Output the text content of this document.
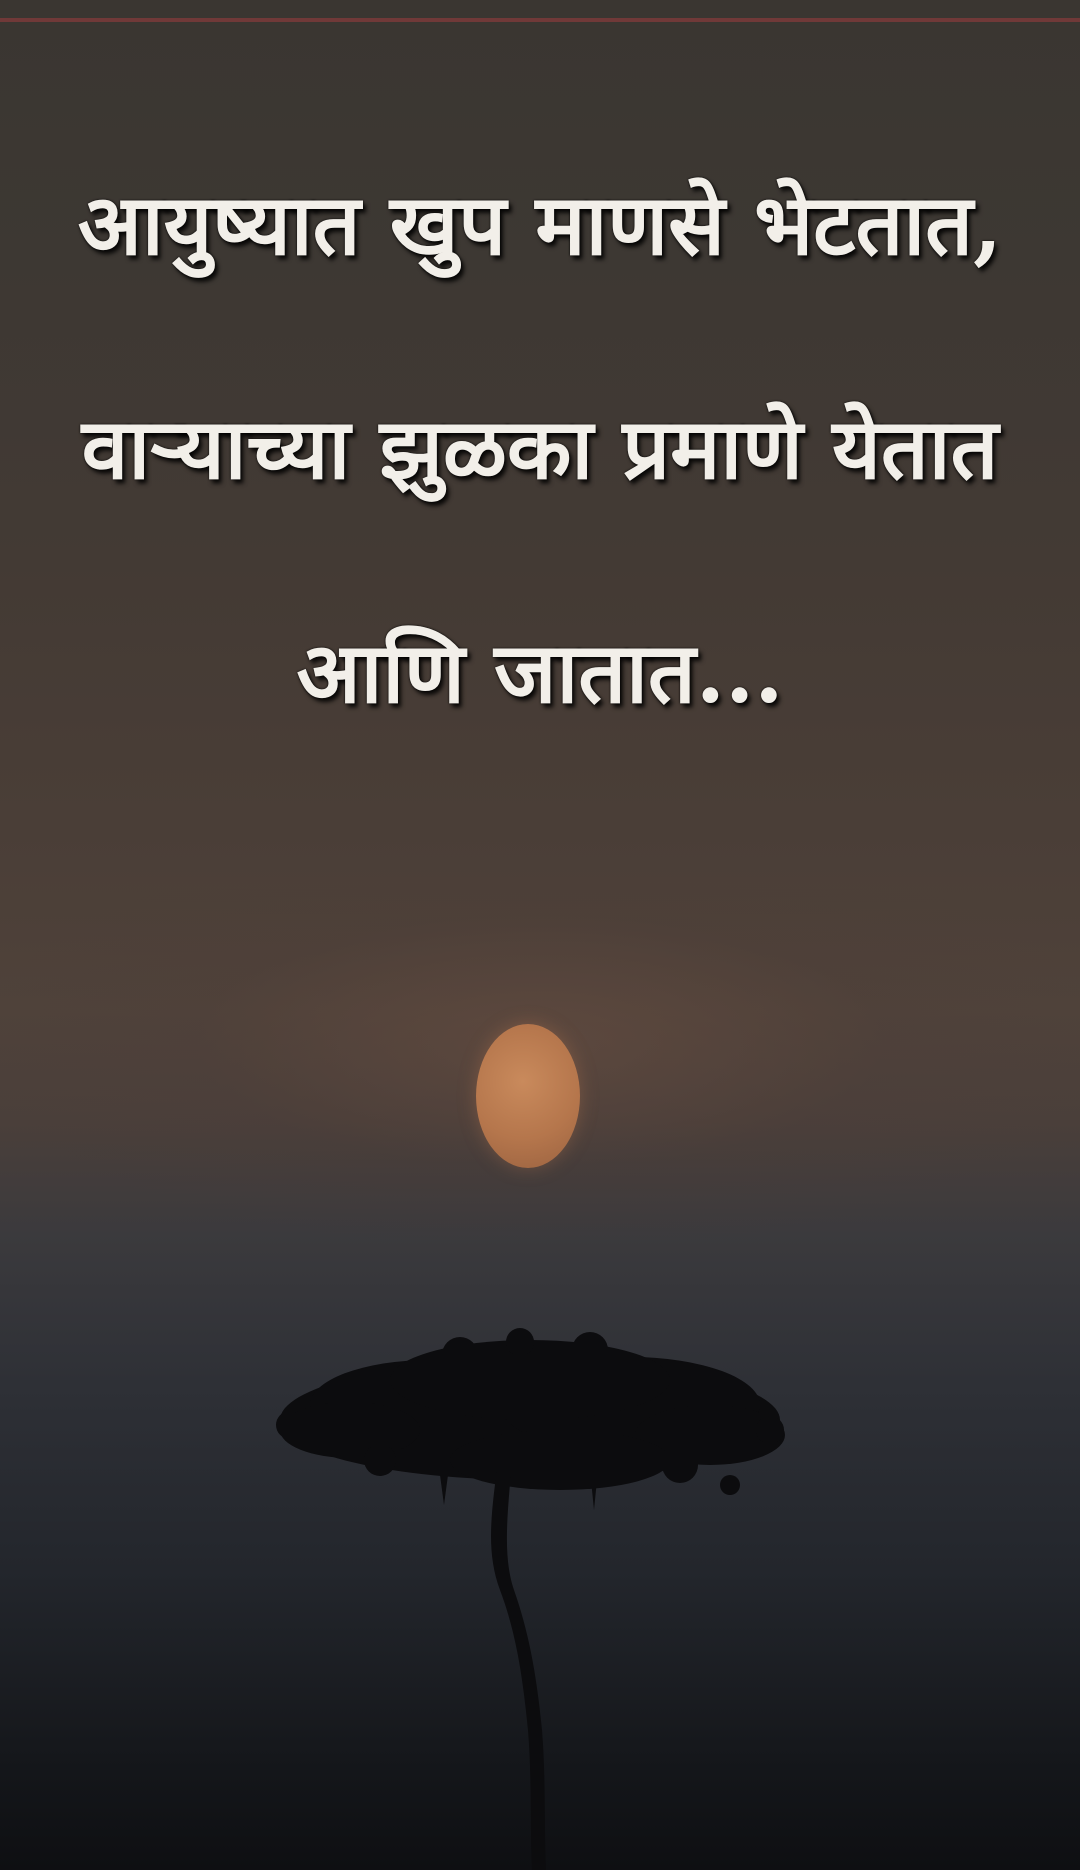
आयुष्यात खुप माणसे भेटतात,
वाऱ्याच्या झुळका प्रमाणे येतात
आणि जातात...
